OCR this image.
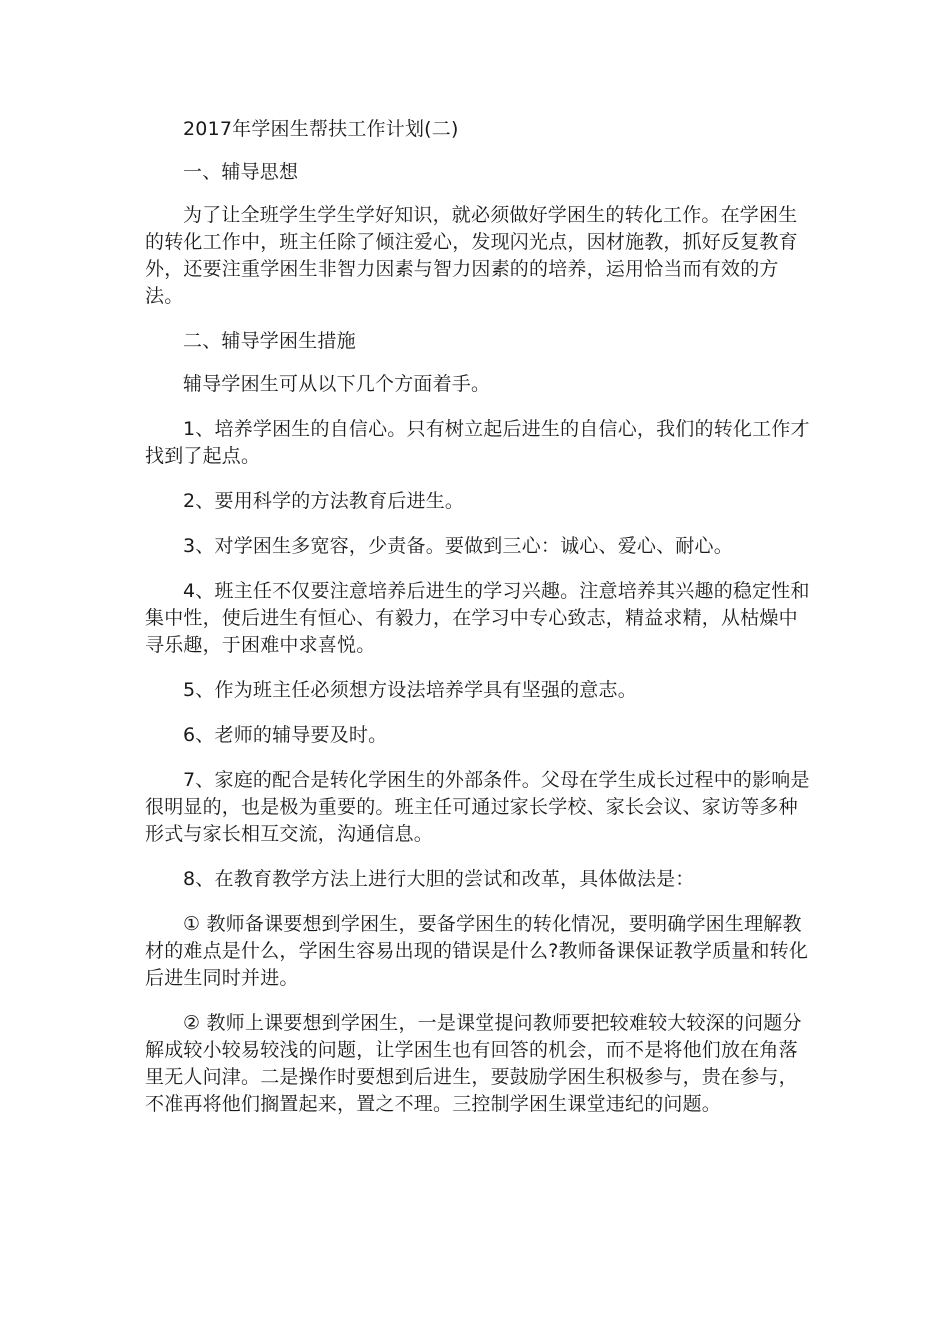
2017年学困生帮扶工作计划(二)

一、辅导思想

为了让全班学生学生学好知识，就必须做好学困生的转化工作。在学困生的转化工作中，班主任除了倾注爱心，发现闪光点，因材施教，抓好反复教育外，还要注重学困生非智力因素与智力因素的的培养，运用恰当而有效的方法。

二、辅导学困生措施

辅导学困生可从以下几个方面着手。

1、培养学困生的自信心。只有树立起后进生的自信心，我们的转化工作才找到了起点。

2、要用科学的方法教育后进生。

3、对学困生多宽容，少责备。要做到三心：诚心、爱心、耐心。

4、班主任不仅要注意培养后进生的学习兴趣。注意培养其兴趣的稳定性和集中性，使后进生有恒心、有毅力，在学习中专心致志，精益求精，从枯燥中寻乐趣，于困难中求喜悦。

5、作为班主任必须想方设法培养学具有坚强的意志。

6、老师的辅导要及时。

7、家庭的配合是转化学困生的外部条件。父母在学生成长过程中的影响是很明显的，也是极为重要的。班主任可通过家长学校、家长会议、家访等多种形式与家长相互交流，沟通信息。

8、在教育教学方法上进行大胆的尝试和改革，具体做法是：

① 教师备课要想到学困生，要备学困生的转化情况，要明确学困生理解教材的难点是什么，学困生容易出现的错误是什么?教师备课保证教学质量和转化后进生同时并进。

② 教师上课要想到学困生，一是课堂提问教师要把较难较大较深的问题分解成较小较易较浅的问题，让学困生也有回答的机会，而不是将他们放在角落里无人问津。二是操作时要想到后进生，要鼓励学困生积极参与，贵在参与，不准再将他们搁置起来，置之不理。三控制学困生课堂违纪的问题。
